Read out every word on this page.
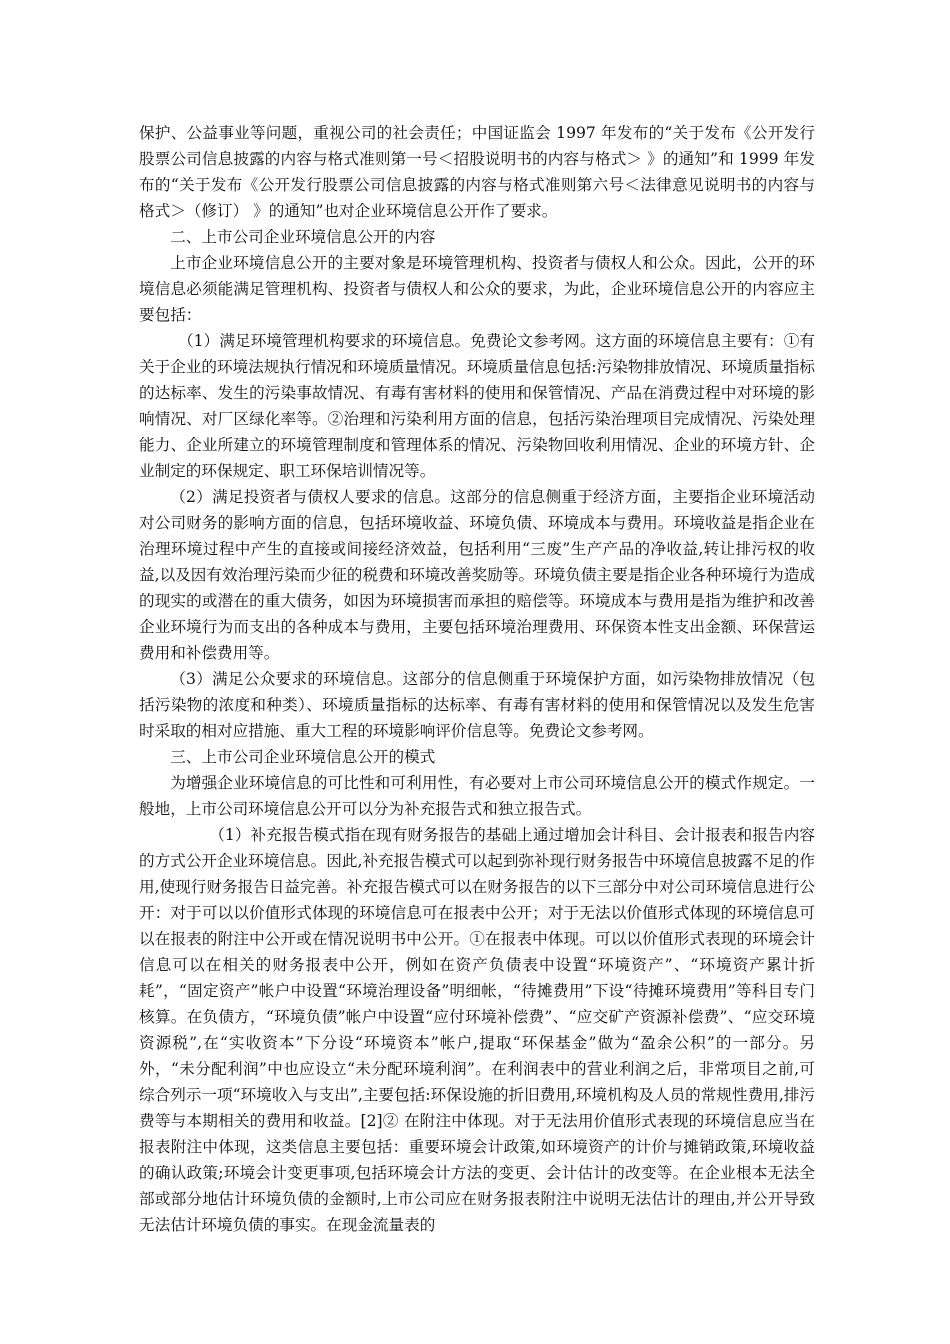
保护、公益事业等问题，重视公司的社会责任；中国证监会 1997 年发布的“关于发布《公开发行股票公司信息披露的内容与格式准则第一号＜招股说明书的内容与格式＞ 》的通知”和 1999 年发布的“关于发布《公开发行股票公司信息披露的内容与格式准则第六号＜法律意见说明书的内容与格式＞（修订） 》的通知”也对企业环境信息公开作了要求。

二、上市公司企业环境信息公开的内容

上市企业环境信息公开的主要对象是环境管理机构、投资者与债权人和公众。因此，公开的环境信息必须能满足管理机构、投资者与债权人和公众的要求，为此，企业环境信息公开的内容应主要包括：

（1）满足环境管理机构要求的环境信息。免费论文参考网。这方面的环境信息主要有：①有关于企业的环境法规执行情况和环境质量情况。环境质量信息包括:污染物排放情况、环境质量指标的达标率、发生的污染事故情况、有毒有害材料的使用和保管情况、产品在消费过程中对环境的影响情况、对厂区绿化率等。②治理和污染利用方面的信息，包括污染治理项目完成情况、污染处理能力、企业所建立的环境管理制度和管理体系的情况、污染物回收利用情况、企业的环境方针、企业制定的环保规定、职工环保培训情况等。

（2）满足投资者与债权人要求的信息。这部分的信息侧重于经济方面，主要指企业环境活动对公司财务的影响方面的信息，包括环境收益、环境负债、环境成本与费用。环境收益是指企业在治理环境过程中产生的直接或间接经济效益，包括利用“三废”生产产品的净收益,转让排污权的收益,以及因有效治理污染而少征的税费和环境改善奖励等。环境负债主要是指企业各种环境行为造成的现实的或潜在的重大债务，如因为环境损害而承担的赔偿等。环境成本与费用是指为维护和改善企业环境行为而支出的各种成本与费用，主要包括环境治理费用、环保资本性支出金额、环保营运费用和补偿费用等。

（3）满足公众要求的环境信息。这部分的信息侧重于环境保护方面，如污染物排放情况（包括污染物的浓度和种类）、环境质量指标的达标率、有毒有害材料的使用和保管情况以及发生危害时采取的相对应措施、重大工程的环境影响评价信息等。免费论文参考网。

三、上市公司企业环境信息公开的模式

为增强企业环境信息的可比性和可利用性，有必要对上市公司环境信息公开的模式作规定。一般地，上市公司环境信息公开可以分为补充报告式和独立报告式。

（1）补充报告模式指在现有财务报告的基础上通过增加会计科目、会计报表和报告内容的方式公开企业环境信息。因此,补充报告模式可以起到弥补现行财务报告中环境信息披露不足的作用,使现行财务报告日益完善。补充报告模式可以在财务报告的以下三部分中对公司环境信息进行公开：对于可以以价值形式体现的环境信息可在报表中公开；对于无法以价值形式体现的环境信息可以在报表的附注中公开或在情况说明书中公开。①在报表中体现。可以以价值形式表现的环境会计信息可以在相关的财务报表中公开，例如在资产负债表中设置“环境资产”、“环境资产累计折耗”，“固定资产”帐户中设置“环境治理设备”明细帐，“待摊费用”下设“待摊环境费用”等科目专门核算。在负债方，“环境负债”帐户中设置“应付环境补偿费”、“应交矿产资源补偿费”、“应交环境资源税”,在“实收资本”下分设“环境资本”帐户,提取“环保基金”做为“盈余公积”的一部分。另外，“未分配利润”中也应设立“未分配环境利润”。在利润表中的营业利润之后，非常项目之前,可综合列示一项“环境收入与支出”,主要包括:环保设施的折旧费用,环境机构及人员的常规性费用,排污费等与本期相关的费用和收益。[2]② 在附注中体现。对于无法用价值形式表现的环境信息应当在报表附注中体现，这类信息主要包括：重要环境会计政策,如环境资产的计价与摊销政策,环境收益的确认政策;环境会计变更事项,包括环境会计方法的变更、会计估计的改变等。在企业根本无法全部或部分地估计环境负债的金额时,上市公司应在财务报表附注中说明无法估计的理由,并公开导致无法估计环境负债的事实。在现金流量表的
